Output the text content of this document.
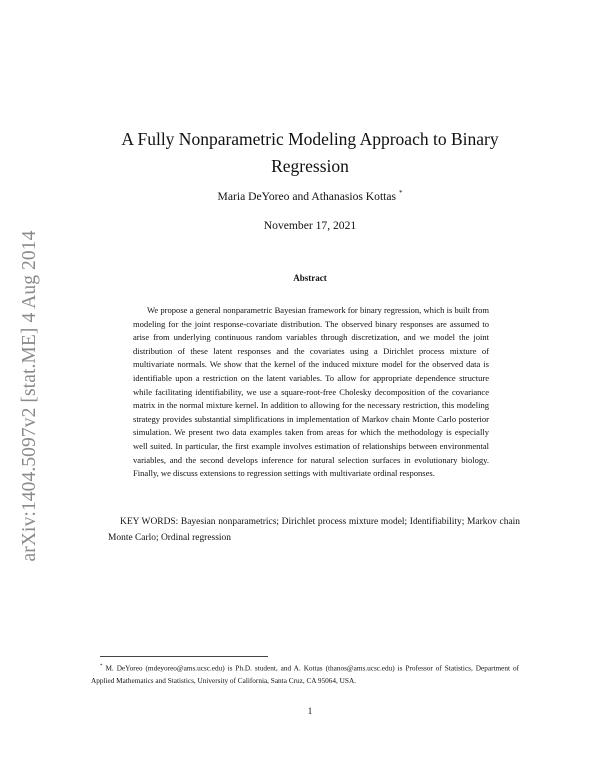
arXiv:1404.5097v2 [stat.ME] 4 Aug 2014
A Fully Nonparametric Modeling Approach to Binary Regression
Maria DeYoreo and Athanasios Kottas *
November 17, 2021
Abstract
We propose a general nonparametric Bayesian framework for binary regression, which is built from modeling for the joint response-covariate distribution. The observed binary responses are assumed to arise from underlying continuous random variables through discretization, and we model the joint distribution of these latent responses and the covariates using a Dirichlet process mixture of multivariate normals. We show that the kernel of the induced mixture model for the observed data is identifiable upon a restriction on the latent variables. To allow for appropriate dependence structure while facilitating identifiability, we use a square-root-free Cholesky decomposition of the covariance matrix in the normal mixture kernel. In addition to allowing for the necessary restriction, this modeling strategy provides substantial simplifications in implementation of Markov chain Monte Carlo posterior simulation. We present two data examples taken from areas for which the methodology is especially well suited. In particular, the first example involves estimation of relationships between environmental variables, and the second develops inference for natural selection surfaces in evolutionary biology. Finally, we discuss extensions to regression settings with multivariate ordinal responses.
KEY WORDS: Bayesian nonparametrics; Dirichlet process mixture model; Identifiability; Markov chain Monte Carlo; Ordinal regression
* M. DeYoreo (mdeyoreo@ams.ucsc.edu) is Ph.D. student, and A. Kottas (thanos@ams.ucsc.edu) is Professor of Statistics, Department of Applied Mathematics and Statistics, University of California, Santa Cruz, CA 95064, USA.
1
